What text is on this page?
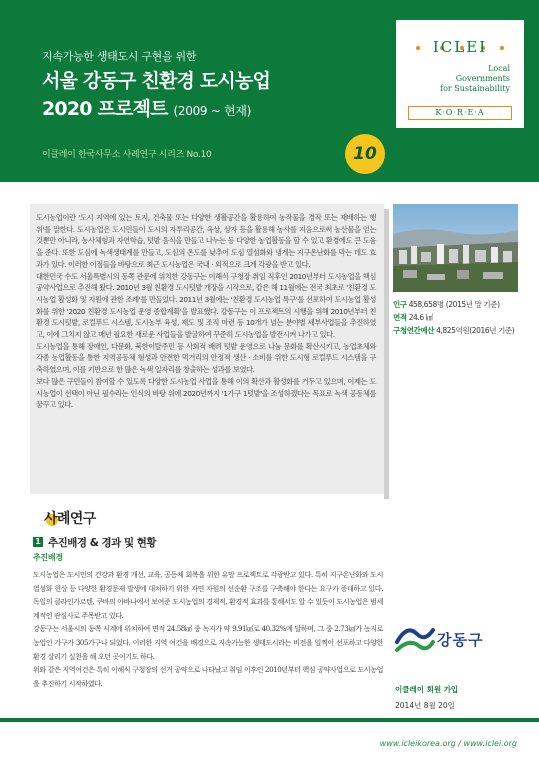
지속가능한 생태도시 구현을 위한
서울 강동구 친환경 도시농업
2020 프로젝트 (2009 ~ 현재)
이클레이 한국사무소 사례연구 시리즈 No.10	10
ICLEI
Local
Governments
for Sustainability
K·O·R·E·A

도시농업이란 '도시 지역에 있는 토지, 건축물 또는 다양한 생활공간을 활용하여 농작물을 경작 또는 재배하는 행위'를 말한다. 도시농업은 도시민들이 도시의 자투리공간, 옥상, 상자 등을 활용해 농사를 지음으로써 농산물을 얻는 것뿐만 아니라, 농사체험과 자연학습, 텃밭 음식을 만들고 나누는 등 다양한 농업활동을 할 수 있고 환경에도 큰 도움을 준다. 또한 도심에 녹색생태계를 만들고, 도심의 온도를 낮추어 도심 열섬화와 냉게는 지구온난화를 막는 데도 효과가 있다. 이러한 이점들을 바탕으로 최근 도시농업은 국내 · 외적으로 크게 각광을 받고 있다.

대한민국 수도 서울특별시의 동쪽 관문에 위치한 강동구는 이해식 구청장 취임 직후인 2010년부터 도시농업을 핵심 공약사업으로 추진해 왔다. 2010년 3월 친환경 도시텃밭 개장을 시작으로, 같은 해 11월에는 전국 최초로 '친환경 도시농업 활성화 및 지원에 관한 조례'를 만들었다. 2011년 3월에는 '친환경 도시농업 특구'를 선포하여 도시농업 활성화를 위한 '2020 친환경 도시농업 운영 종합계획'을 발표했다. 강동구는 이 프로젝트의 시행을 위해 2010년부터 친환경 도시텃밭, 로컬푸드 시스템, 도시농부 육성, 제도 및 조직 마련 등 10개가 넘는 분야별 세부사업들을 추진하였고, 이에 그치지 않고 매년 필요한 새로운 사업들을 발굴하여 꾸준히 도시농업을 발전시켜 나가고 있다.

도시농업을 통해 장애인, 다문화, 북한이탈주민 등 사회적 배려 텃밭 운영으로 나눔 문화를 확산시키고, 농업초체와 각종 농업활동을 통한 지역공동체 형성과 안전한 먹거리의 안정적 생산 · 소비를 위한 도시형 로컬푸드 시스템을 구축하였으며, 이를 기반으로 한 많은 녹색 일자리를 창출하는 성과를 보였다.

보다 많은 구민들이 참여할 수 있도록 다양한 도시농업 사업을 통해 이의 확산과 활성화를 거두고 있으며, 이제는 도시농업이 선택이 아닌 필수라는 인식의 바탕 위에 2020년까지 '1가구 1텃밭'을 조성하겠다는 목표로 녹색 공동체를 꿈꾸고 있다.

인구 458,658명 (2015년 말 기준)
면적 24.6 ㎢
구청연간예산 4,825억원(2016년 기준)
사례연구
1 추진배경 & 경과 및 현황
추진배경

도시농업은 도시민의 건강과 환경 개선, 교육, 공동체 회복을 위한 유망 프로젝트로 각광받고 있다. 특히 지구온난화와 도시열섬화 현상 등 다양한 환경문제 발생에 대처하기 위한 자연 자원의 선순환 구조를 구축해야 한다는 요구가 증대하고 있다. 독일의 클라인가르텐, 쿠바의 아바나에서 보여준 도시농업의 경제적, 환경적 효과를 통해서도 알 수 있듯이 도시농업은 범세계적인 관심사로 주목받고 있다.

강동구는 서울시의 동쪽 시계에 위치하여 면적 24.58㎢ 중 녹지가 약 9.91㎢로 40.32%에 달하며, 그 중 2.73㎢가 농지로 농업인 가구가 305가구나 되었다. 이러한 지역 여건을 배경으로 지속가능한 생태도시라는 비전을 일찍이 선포하고 다양한 환경 살리기 실천을 해 오던 곳이기도 하다.

위와 같은 지역여건은 특히 이해식 구청장의 선거 공약으로 나타났고 취임 이후인 2010년부터 핵심 공약사업으로 도시농업을 추진하기 시작하였다.

강동구
이클레이 회원 가입
2014년 8월 20일
www.icleikorea.org / www.iclei.org
